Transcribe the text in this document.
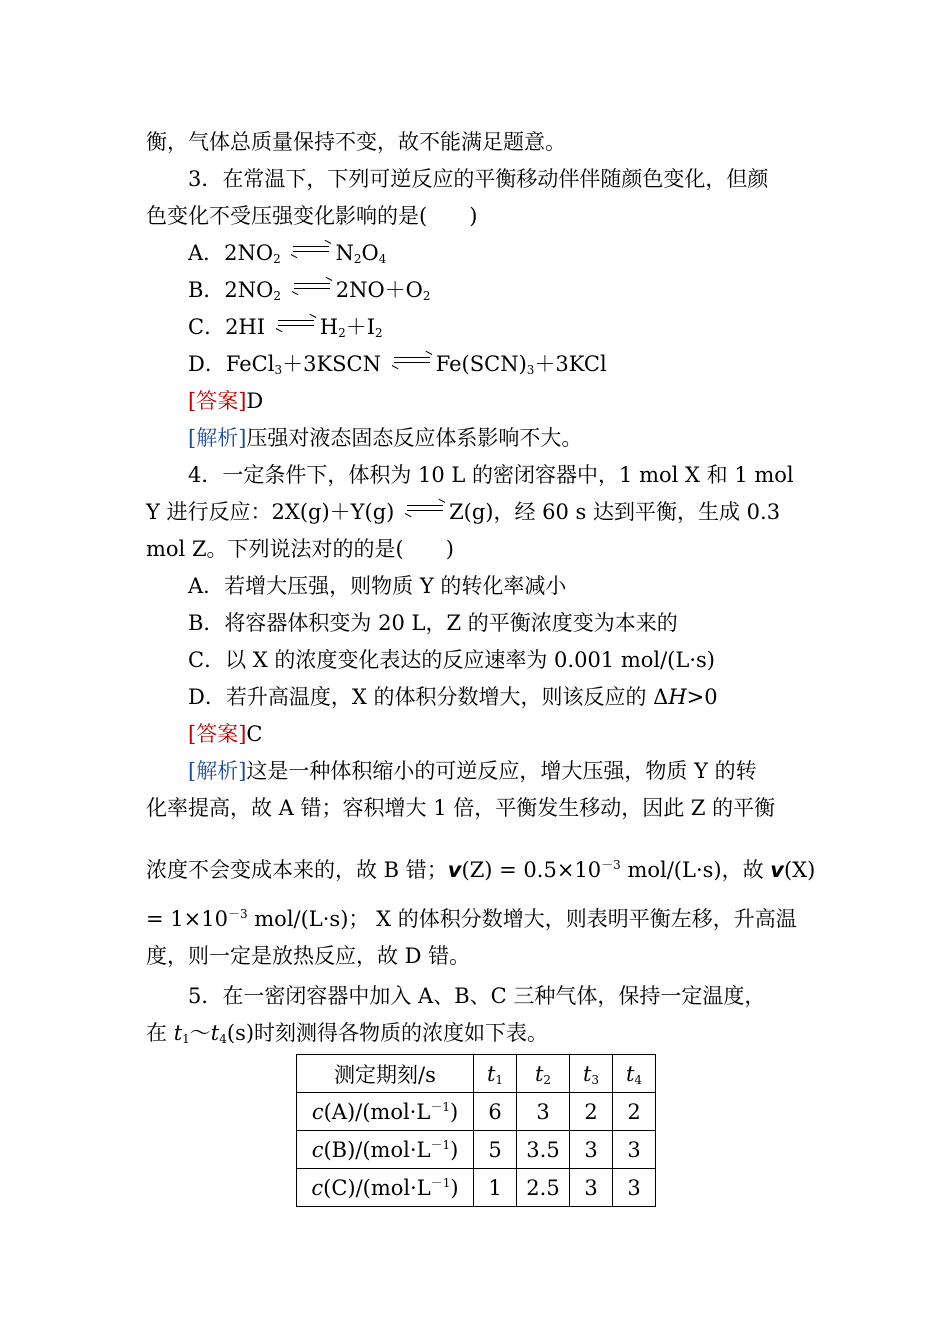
衡，气体总质量保持不变，故不能满足题意。
3．在常温下，下列可逆反应的平衡移动伴伴随颜色变化，但颜
色变化不受压强变化影响的是(　　)
A．$2NO_2$	$N_2O_4$
B．$2NO_2$	$2NO+O_2$
C．2HI	$H_2+I_2$
D．FeCl$_3$＋3KSCN	$Fe(SCN)_3+3KCl$
[答案]D
[解析]压强对液态固态反应体系影响不大。
4．一定条件下，体积为 10 L 的密闭容器中，1 mol X 和 1 mol
Y 进行反应：2X(g)＋Y(g)	Z(g)，经 60 s 达到平衡，生成 0.3
mol Z。下列说法对的的是(　　)
A．若增大压强，则物质 Y 的转化率减小
B．将容器体积变为 20 L，Z 的平衡浓度变为本来的
C．以 X 的浓度变化表达的反应速率为 0.001 mol/(L·s)
D．若升高温度，X 的体积分数增大，则该反应的 ΔH>0
[答案]C
[解析]这是一种体积缩小的可逆反应，增大压强，物质 Y 的转
化率提高，故 A 错；容积增大 1 倍，平衡发生移动，因此 Z 的平衡
浓度不会变成本来的，故 B 错；$v(Z) = 0.5\times 10^{-3}$ mol/(L·s)，故 v(X)
= $1\times 10^{-3}$ mol/(L·s)； X 的体积分数增大，则表明平衡左移，升高温
度，则一定是放热反应，故 D 错。
5．在一密闭容器中加入 A、B、C 三种气体，保持一定温度，
在 $t_1\sim t_4(s)$时刻测得各物质的浓度如下表。
测定期刻/s	$t_1$	$t_2$	$t_3$	$t_4$
$c(A)/(mol\cdot L^{-1})$	6	3	2	2
$c(B)/(mol\cdot L^{-1})$	5	3.5	3	3
$c(C)/(mol\cdot L^{-1})$	1	2.5	3	3
